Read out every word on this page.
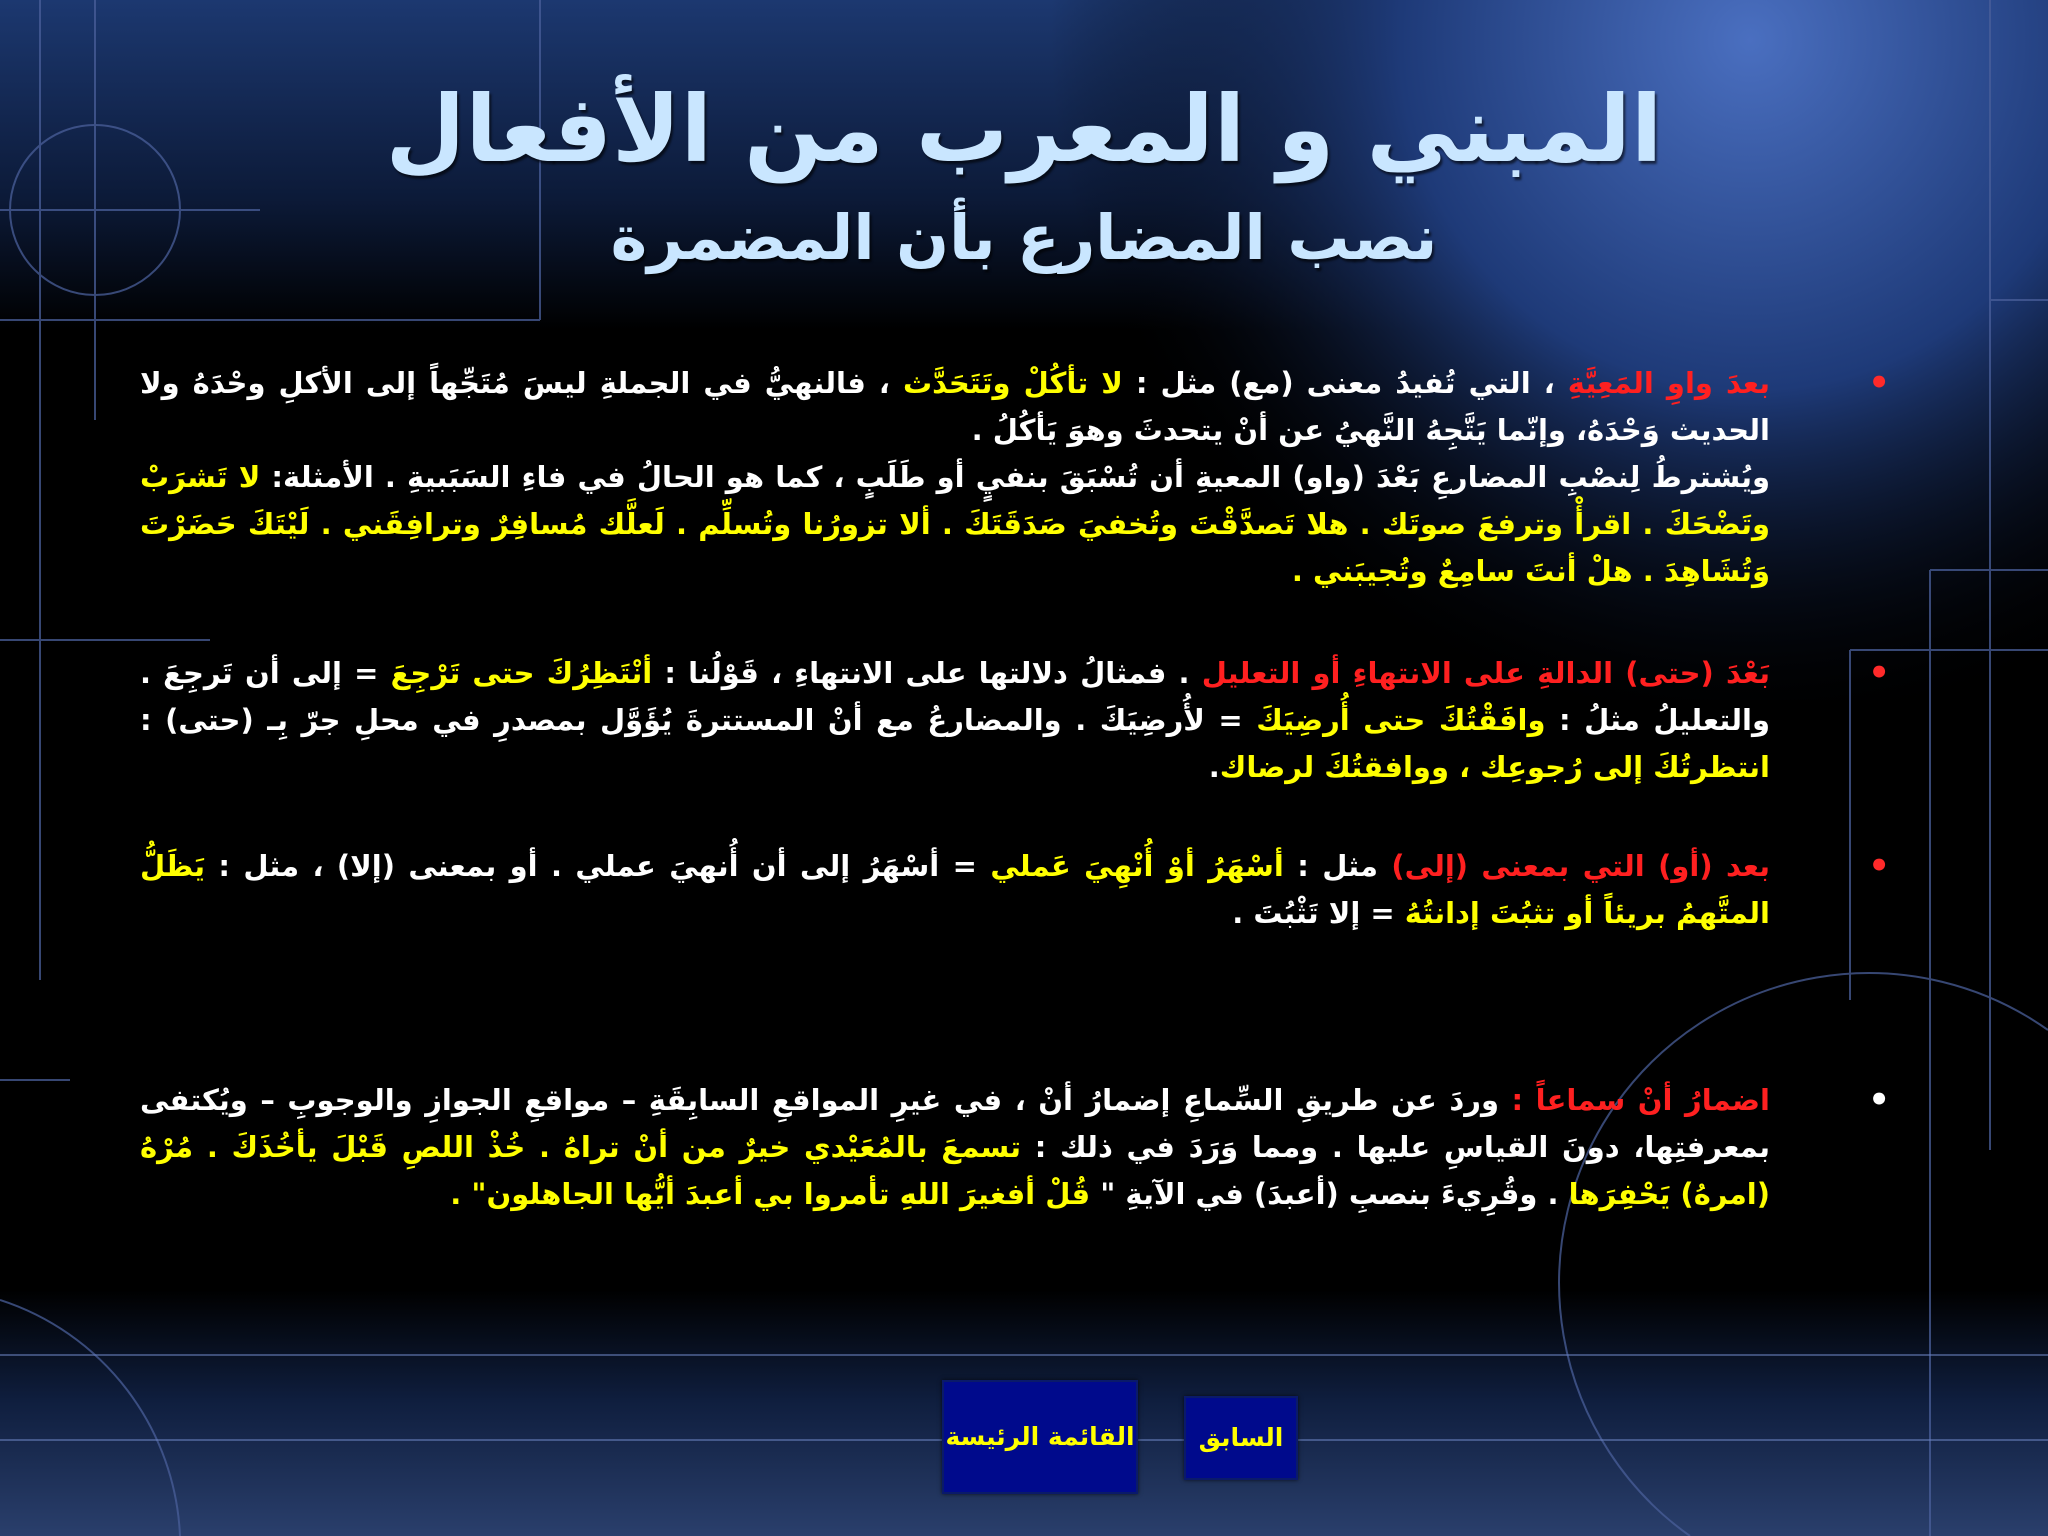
المبني و المعرب من الأفعال
نصب المضارع بأن المضمرة
•
بعدَ واوِ المَعِيَّةِ ، التي تُفيدُ معنى (مع) مثل : لا تأكُلْ وتَتَحَدَّث ، فالنهيُّ في الجملةِ ليسَ مُتَجِّهاً إلى الأكلِ وحْدَهُ ولا الحديث وَحْدَهُ، وإنّما يَتَّجِهُ النَّهيُ عن أنْ يتحدثَ وهوَ يَأكُلُ .
ويُشترطُ لِنصْبِ المضارعِ بَعْدَ (واو) المعيةِ أن تُسْبَقَ بنفيٍ أو طَلَبٍ ، كما هو الحالُ في فاءِ السَبَبيةِ . الأمثلة: لا تَشرَبْ وتَضْحَكَ . اقرأْ وترفعَ صوتَك . هلا تَصدَّقْتَ وتُخفيَ صَدَقَتَكَ . ألا تزورُنا وتُسلِّم . لَعلَّك مُسافِرٌ وترافِقَني . لَيْتَكَ حَضَرْتَ وَتُشَاهِدَ . هلْ أنتَ سامِعٌ وتُجيبَني .
•
بَعْدَ (حتى) الدالةِ على الانتهاءِ أو التعليل . فمثالُ دلالتها على الانتهاءِ ، قَوْلُنا : أنْتَظِرُكَ حتى تَرْجِعَ = إلى أن تَرجِعَ . والتعليلُ مثلُ : وافَقْتُكَ حتى أُرضِيَكَ = لأُرضِيَكَ . والمضارعُ مع أنْ المستترةَ يُؤَوَّل بمصدرِ في محلِ جرّ بِـ (حتى) : انتظرتُكَ إلى رُجوعِك ، ووافقتُكَ لرضاك.
•
بعد (أو) التي بمعنى (إلى) مثل : أسْهَرُ أوْ أُنْهِيَ عَملي = أسْهَرُ إلى أن أُنهيَ عملي . أو بمعنى (إلا) ، مثل : يَظَلُّ المتَّهمُ بريئاً أو تثبُتَ إدانتُهُ = إلا تَثْبُتَ .
•
اضمارُ أنْ سماعاً : وردَ عن طريقِ السِّماعِ إضمارُ أنْ ، في غيرِ المواقعِ السابِقَةِ – مواقعِ الجوازِ والوجوبِ – ويُكتفى بمعرفتِها، دونَ القياسِ عليها . ومما وَرَدَ في ذلك : تسمعَ بالمُعَيْدي خيرٌ من أنْ تراهُ . خُذْ اللصِ قَبْلَ يأخُذَكَ . مُرْهُ (امرهُ) يَحْفِرَها . وقُرِيءَ بنصبِ (أعبدَ) في الآيةِ " قُلْ أفغيرَ اللهِ تأمروا بي أعبدَ أيُّها الجاهلون" .
القائمة الرئيسة	السابق
